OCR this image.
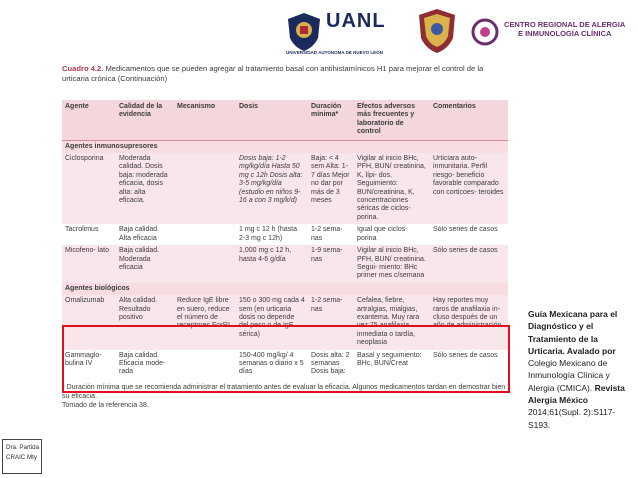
UANL
UNIVERSIDAD AUTÓNOMA DE NUEVO LEÓN
CENTRO REGIONAL DE ALERGIA
E INMUNOLOGÍA CLÍNICA
Cuadro 4.2. Medicamentos que se pueden agregar al tratamiento basal con antihistamínicos H1 para mejorar el control de la urticaria crónica (Continuación)
Agente	Calidad de la evidencia	Mecanismo	Dosis	Duración mínima*	Efectos adversos más frecuentes y laboratorio de control	Comentarios
Agentes inmunosupresores						
Ciclosporina	Moderada calidad. Dosis baja: moderada eficacia, dosis alta: alta eficacia.		Dosis baja: 1-2 mg/kg/día Hasta 50 mg c 12h Dosis alta: 3-5 mg/kg/día (estudio en niños 9-16 a con 3 mg/k/d)	Baja: < 4 sem Alta: 1-7 días Mejor no dar por más de 3 meses	Vigilar al inicio BHc, PFH, BUN/ creatinina, K, lípi- dos. Seguimiento: BUN/creatinina, K, concentraciones séricas de ciclos- porina.	Urticiara auto- inmunitaria. Perfil riesgo- beneficio favorable comparado con corticoes- teroides
Tacrolimus	Baja calidad. Alta eficacia		1 mg c 12 h (hasta 2-3 mg c 12h)	1-2 sema- nas	Igual que ciclos- porina	Sólo series de casos
Micofeno- lato	Baja calidad. Moderada eficacia		1,000 mg c 12 h, hasta 4-6 g/día	1-9 sema- nas	Vigilar al inicio BHc, PFH, BUN/ creatinina. Segui- miento: BHc primer mes c/semana	Sólo series de casos
Agentes biológicos						
Omalizumab	Alta calidad. Resultado positivo	Reduce IgE libre en suero, reduce el número de receptores FcεRI	150 o 300 mg cada 4 sem (en urticaria dosis no depende del peso o de IgE sérica)	1-2 sema- nas	Cefalea, fiebre, artralgias, mialgias, exantema. Muy rara vez:75 anafilaxia inmediata o tardía, neoplasia	Hay reportes muy raros de anafilaxia in- cluso después de un año de administración
Gammaglo- bulina IV	Baja calidad. Eficacia mode- rada		150-400 mg/kg/ 4 semanas o diario x 5 días	Dosis alta: 2 semanas Dosis baja:	Basal y seguimiento: BHc, BUN/Creat	Sólo series de casos
* Duración mínima que se recomienda administrar el tratamiento antes de evaluar la eficacia. Algunos medicamentos tardan en demostrar bien su eficacia.
Tomado de la referencia 38.
Guía Mexicana para el Diagnóstico y el Tratamiento de la Urticaria. Avalado por Colegio Mexicano de Inmunología Clínica y Alergia (CMICA). Revista Alergia México 2014;61(Supl. 2):S117-S193.
Dra. Partida
CRAIC Mty
